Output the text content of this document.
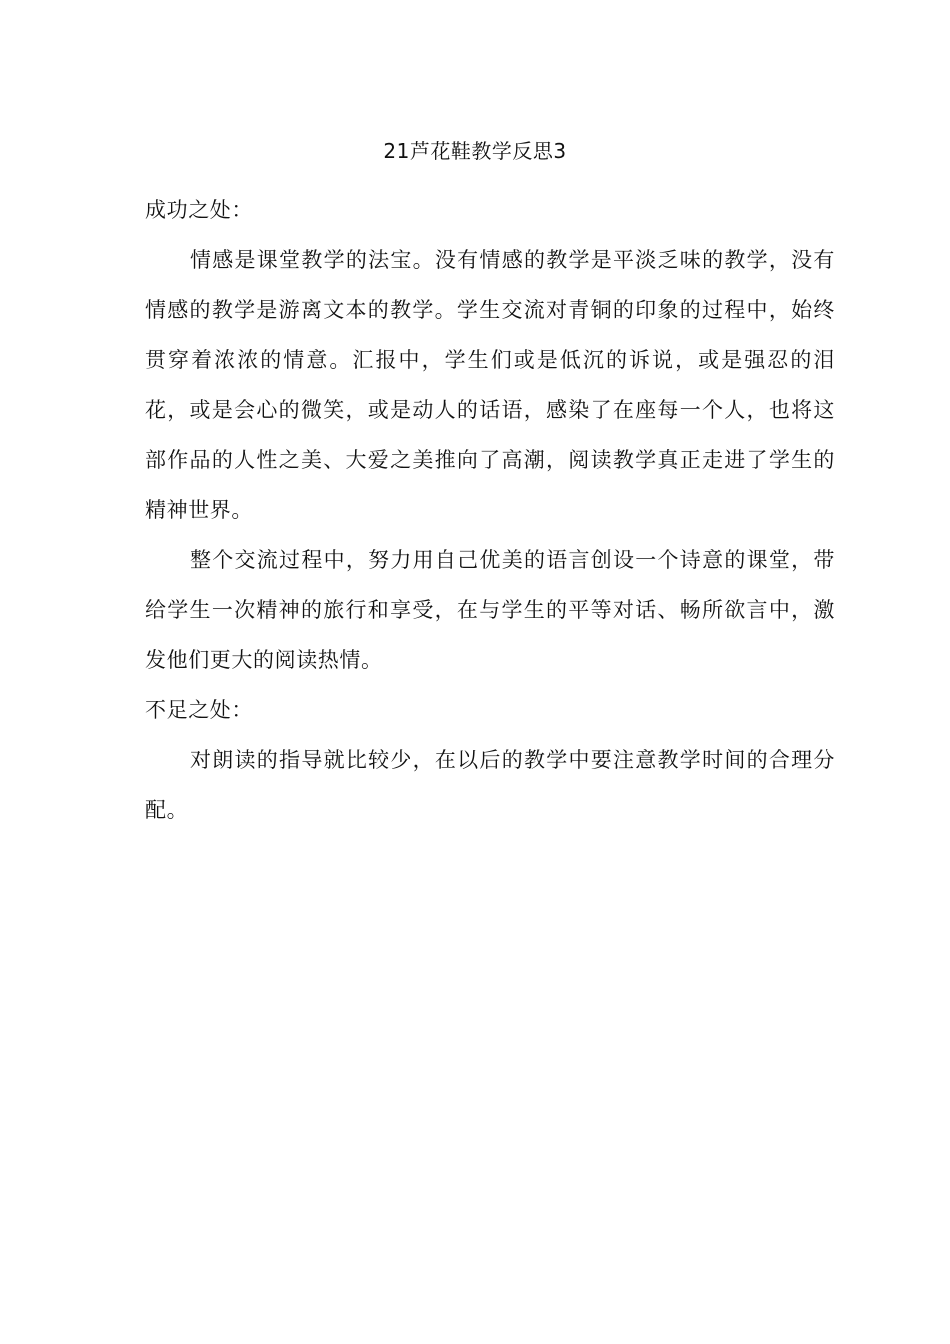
21芦花鞋教学反思3

成功之处：

情感是课堂教学的法宝。没有情感的教学是平淡乏味的教学，没有情感的教学是游离文本的教学。学生交流对青铜的印象的过程中，始终贯穿着浓浓的情意。汇报中，学生们或是低沉的诉说，或是强忍的泪花，或是会心的微笑，或是动人的话语，感染了在座每一个人，也将这部作品的人性之美、大爱之美推向了高潮，阅读教学真正走进了学生的精神世界。

整个交流过程中，努力用自己优美的语言创设一个诗意的课堂，带给学生一次精神的旅行和享受，在与学生的平等对话、畅所欲言中，激发他们更大的阅读热情。

不足之处：

对朗读的指导就比较少，在以后的教学中要注意教学时间的合理分配。
